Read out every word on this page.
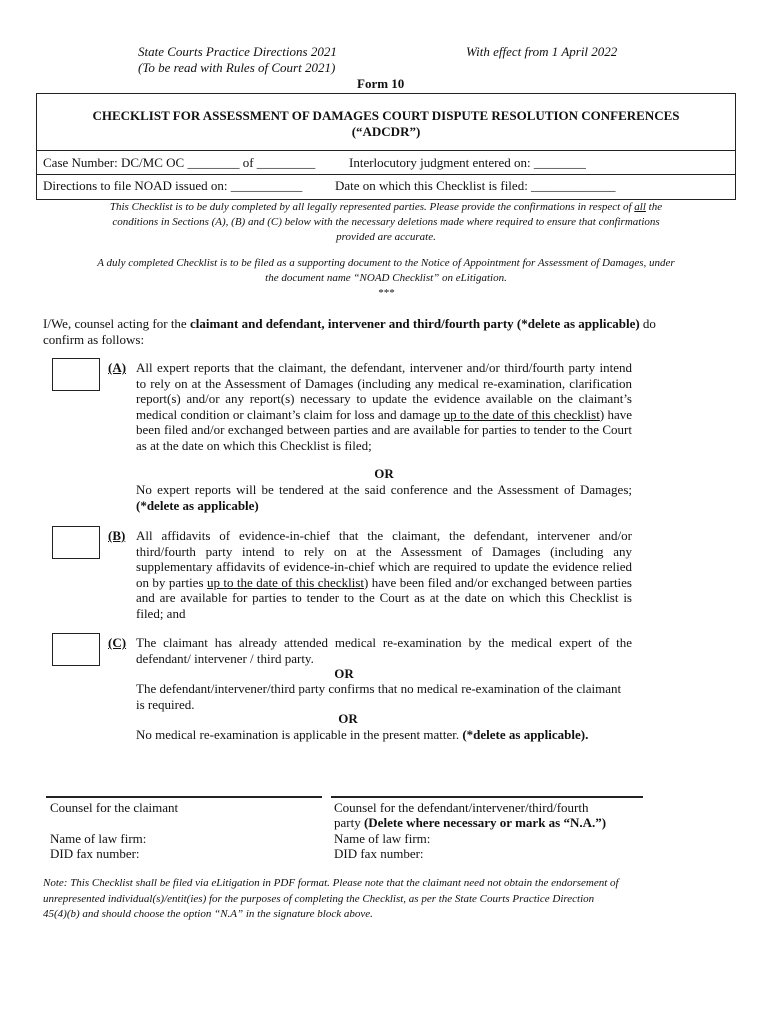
State Courts Practice Directions 2021
(To be read with Rules of Court 2021)
With effect from 1 April 2022
Form 10
CHECKLIST FOR ASSESSMENT OF DAMAGES COURT DISPUTE RESOLUTION CONFERENCES
(“ADCDR”)
Case Number: DC/MC OC ________ of _________	Interlocutory judgment entered on: ________
Directions to file NOAD issued on: ___________	Date on which this Checklist is filed: _____________
This Checklist is to be duly completed by all legally represented parties. Please provide the confirmations in respect of all the
conditions in Sections (A), (B) and (C) below with the necessary deletions made where required to ensure that confirmations
provided are accurate.
A duly completed Checklist is to be filed as a supporting document to the Notice of Appointment for Assessment of Damages, under
the document name “NOAD Checklist” on eLitigation.
***
I/We, counsel acting for the claimant and defendant, intervener and third/fourth party (*delete as applicable) do
confirm as follows:
(A) All expert reports that the claimant, the defendant, intervener and/or third/fourth party intend to rely on at the Assessment of Damages (including any medical re-examination, clarification report(s) and/or any report(s) necessary to update the evidence available on the claimant’s medical condition or claimant’s claim for loss and damage up to the date of this checklist) have been filed and/or exchanged between parties and are available for parties to tender to the Court as at the date on which this Checklist is filed;
OR
No expert reports will be tendered at the said conference and the Assessment of Damages; (*delete as applicable)
(B) All affidavits of evidence-in-chief that the claimant, the defendant, intervener and/or third/fourth party intend to rely on at the Assessment of Damages (including any supplementary affidavits of evidence-in-chief which are required to update the evidence relied on by parties up to the date of this checklist) have been filed and/or exchanged between parties and are available for parties to tender to the Court as at the date on which this Checklist is filed; and
(C) The claimant has already attended medical re-examination by the medical expert of the defendant/ intervener / third party.
OR
The defendant/intervener/third party confirms that no medical re-examination of the claimant is required.
OR
No medical re-examination is applicable in the present matter. (*delete as applicable).
Counsel for the claimant
Name of law firm:
DID fax number:
Counsel for the defendant/intervener/third/fourth
party (Delete where necessary or mark as “N.A.”)
Name of law firm:
DID fax number:
Note: This Checklist shall be filed via eLitigation in PDF format. Please note that the claimant need not obtain the endorsement of
unrepresented individual(s)/entit(ies) for the purposes of completing the Checklist, as per the State Courts Practice Direction
45(4)(b) and should choose the option “N.A” in the signature block above.
